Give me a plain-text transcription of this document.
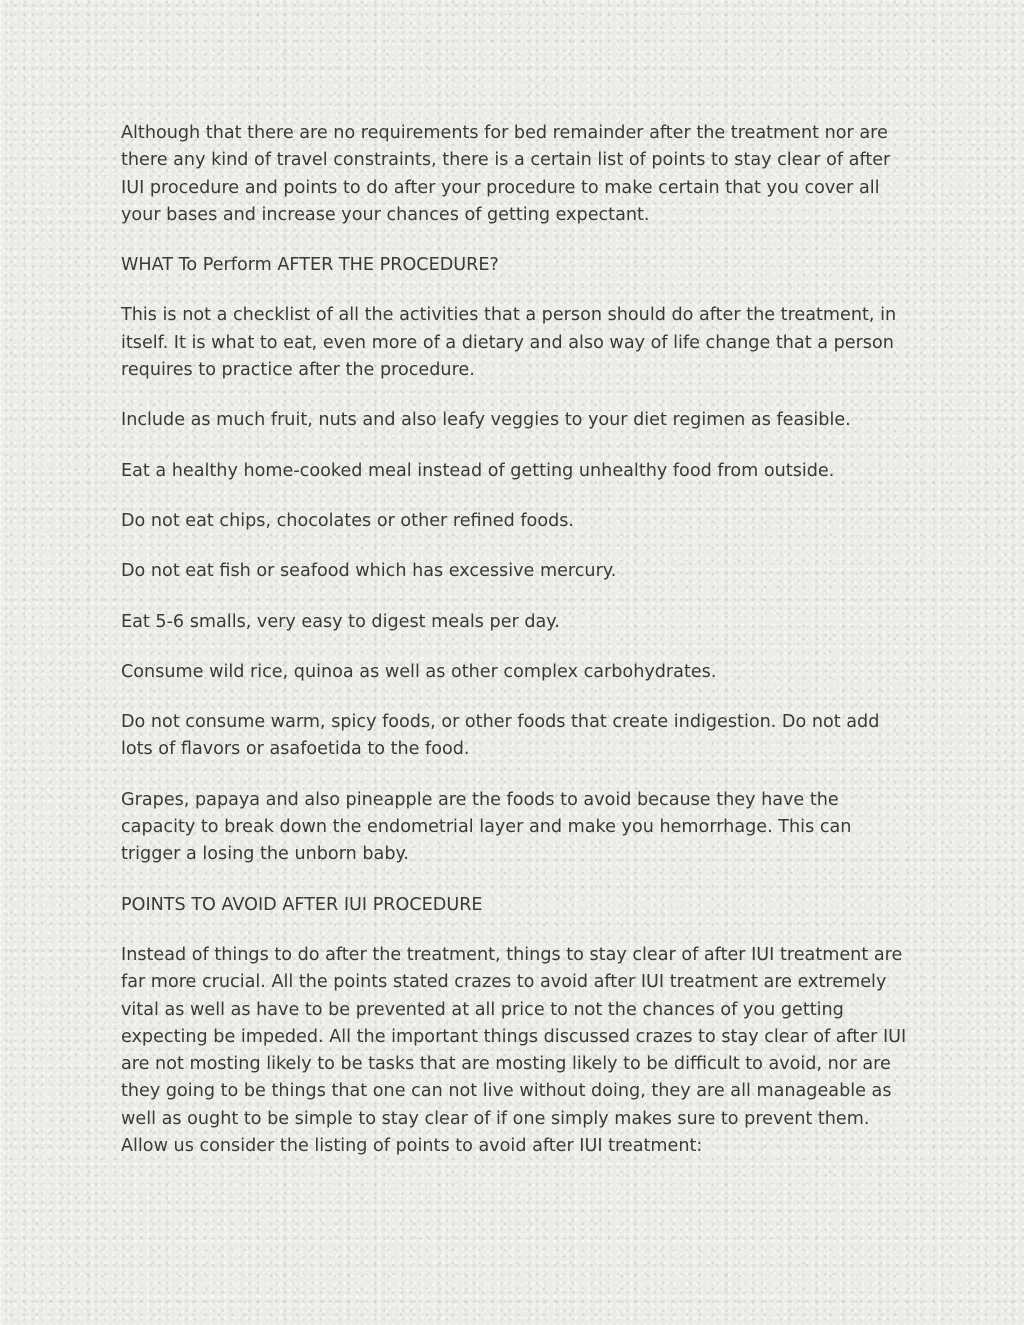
Although that there are no requirements for bed remainder after the treatment nor are there any kind of travel constraints, there is a certain list of points to stay clear of after IUI procedure and points to do after your procedure to make certain that you cover all your bases and increase your chances of getting expectant.

WHAT To Perform AFTER THE PROCEDURE?

This is not a checklist of all the activities that a person should do after the treatment, in itself. It is what to eat, even more of a dietary and also way of life change that a person requires to practice after the procedure.

Include as much fruit, nuts and also leafy veggies to your diet regimen as feasible.

Eat a healthy home-cooked meal instead of getting unhealthy food from outside.

Do not eat chips, chocolates or other refined foods.

Do not eat fish or seafood which has excessive mercury.

Eat 5-6 smalls, very easy to digest meals per day.

Consume wild rice, quinoa as well as other complex carbohydrates.

Do not consume warm, spicy foods, or other foods that create indigestion. Do not add lots of flavors or asafoetida to the food.

Grapes, papaya and also pineapple are the foods to avoid because they have the capacity to break down the endometrial layer and make you hemorrhage. This can trigger a losing the unborn baby.

POINTS TO AVOID AFTER IUI PROCEDURE

Instead of things to do after the treatment, things to stay clear of after IUI treatment are far more crucial. All the points stated crazes to avoid after IUI treatment are extremely vital as well as have to be prevented at all price to not the chances of you getting expecting be impeded. All the important things discussed crazes to stay clear of after IUI are not mosting likely to be tasks that are mosting likely to be difficult to avoid, nor are they going to be things that one can not live without doing, they are all manageable as well as ought to be simple to stay clear of if one simply makes sure to prevent them. Allow us consider the listing of points to avoid after IUI treatment:
